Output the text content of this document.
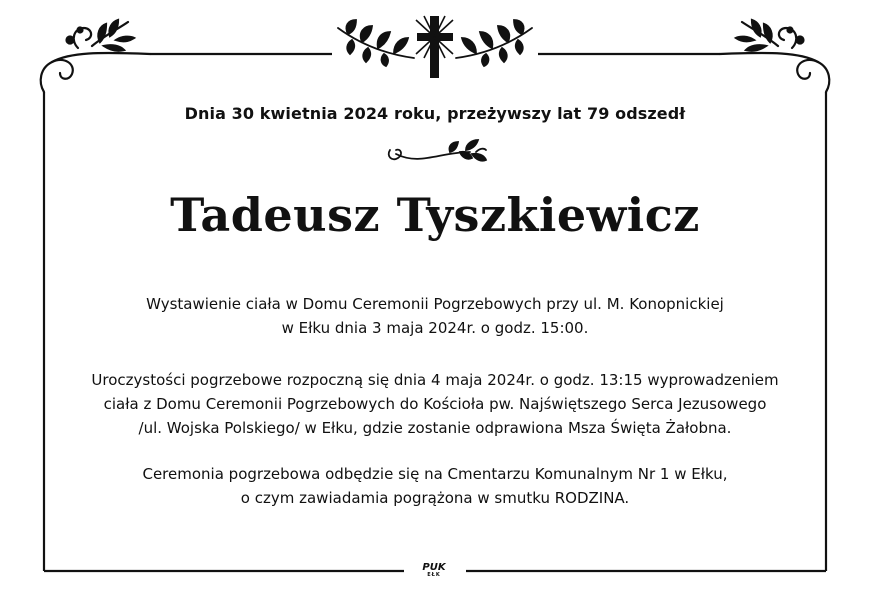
Dnia 30 kwietnia 2024 roku, przeżywszy lat 79 odszedł
Tadeusz Tyszkiewicz
Wystawienie ciała w Domu Ceremonii Pogrzebowych przy ul. M. Konopnickiej
w Ełku dnia 3 maja 2024r. o godz. 15:00.
Uroczystości pogrzebowe rozpoczną się dnia 4 maja 2024r. o godz. 13:15 wyprowadzeniem
ciała z Domu Ceremonii Pogrzebowych do Kościoła pw. Najświętszego Serca Jezusowego
/ul. Wojska Polskiego/ w Ełku, gdzie zostanie odprawiona Msza Święta Żałobna.
Ceremonia pogrzebowa odbędzie się na Cmentarzu Komunalnym Nr 1 w Ełku,
o czym zawiadamia pogrążona w smutku RODZINA.
PUK
EŁK
